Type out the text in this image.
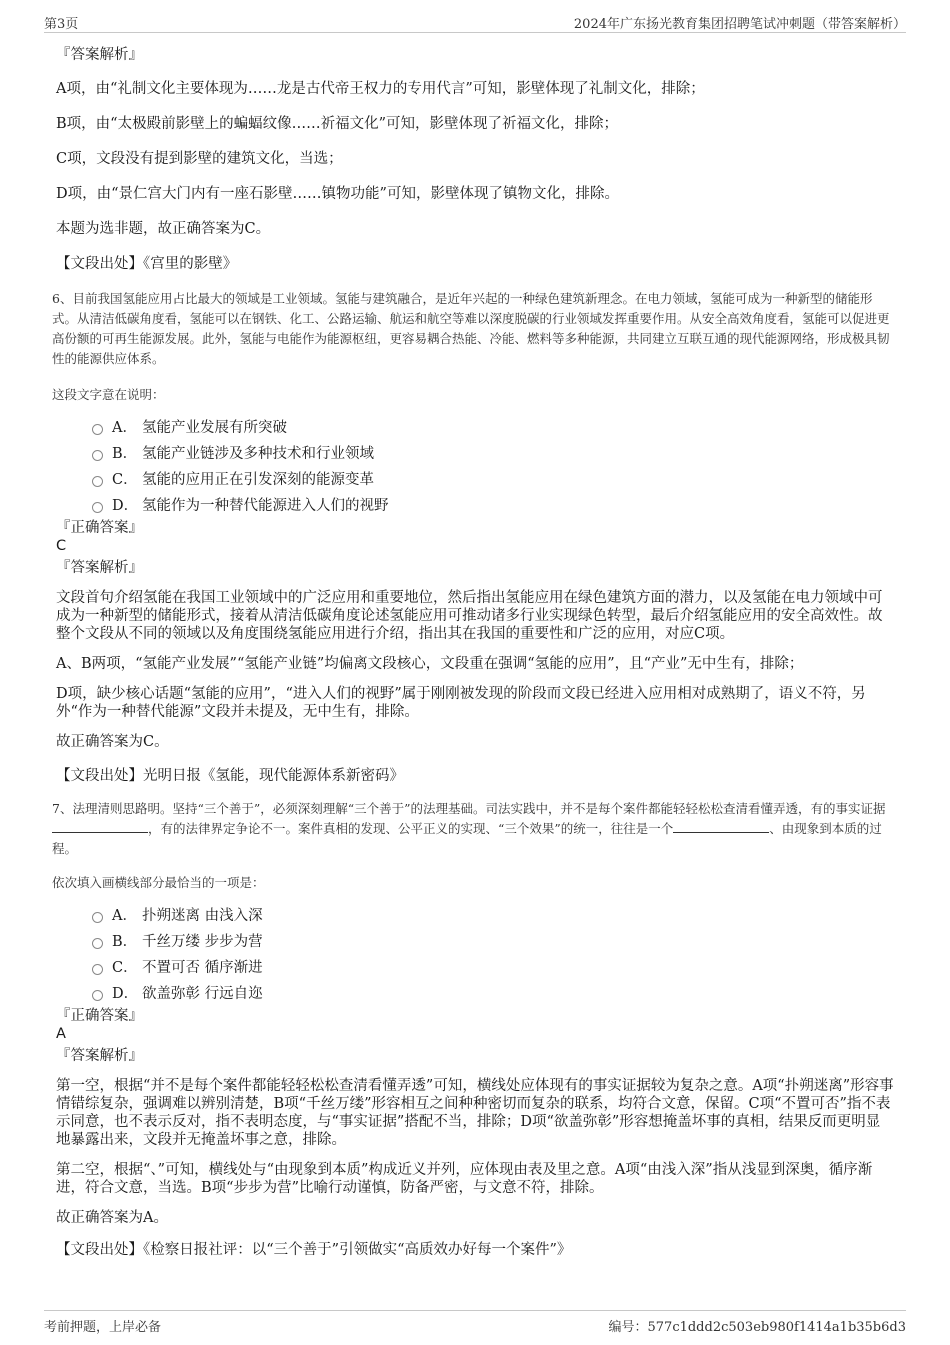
第3页	2024年广东扬光教育集团招聘笔试冲刺题（带答案解析）

『答案解析』

A项，由“礼制文化主要体现为……龙是古代帝王权力的专用代言”可知，影壁体现了礼制文化，排除；

B项，由“太极殿前影壁上的蝙蝠纹像……祈福文化”可知，影壁体现了祈福文化，排除；

C项，文段没有提到影壁的建筑文化，当选；

D项，由“景仁宫大门内有一座石影壁……镇物功能”可知，影壁体现了镇物文化，排除。

本题为选非题，故正确答案为C。

【文段出处】《宫里的影壁》

6、目前我国氢能应用占比最大的领域是工业领域。氢能与建筑融合，是近年兴起的一种绿色建筑新理念。在电力领域，氢能可成为一种新型的储能形式。从清洁低碳角度看，氢能可以在钢铁、化工、公路运输、航运和航空等难以深度脱碳的行业领域发挥重要作用。从安全高效角度看，氢能可以促进更高份额的可再生能源发展。此外，氢能与电能作为能源枢纽，更容易耦合热能、冷能、燃料等多种能源，共同建立互联互通的现代能源网络，形成极具韧性的能源供应体系。

这段文字意在说明：

A． 氢能产业发展有所突破
B． 氢能产业链涉及多种技术和行业领域
C． 氢能的应用正在引发深刻的能源变革
D． 氢能作为一种替代能源进入人们的视野

『正确答案』

C

『答案解析』

文段首句介绍氢能在我国工业领域中的广泛应用和重要地位，然后指出氢能应用在绿色建筑方面的潜力，以及氢能在电力领域中可成为一种新型的储能形式，接着从清洁低碳角度论述氢能应用可推动诸多行业实现绿色转型，最后介绍氢能应用的安全高效性。故整个文段从不同的领域以及角度围绕氢能应用进行介绍，指出其在我国的重要性和广泛的应用，对应C项。

A、B两项，“氢能产业发展”“氢能产业链”均偏离文段核心，文段重在强调“氢能的应用”，且“产业”无中生有，排除；

D项，缺少核心话题“氢能的应用”，“进入人们的视野”属于刚刚被发现的阶段而文段已经进入应用相对成熟期了，语义不符，另外“作为一种替代能源”文段并未提及，无中生有，排除。

故正确答案为C。

【文段出处】光明日报《氢能，现代能源体系新密码》

7、法理清则思路明。坚持“三个善于”，必须深刻理解“三个善于”的法理基础。司法实践中，并不是每个案件都能轻轻松松查清看懂弄透，有的事实证据，有的法律界定争论不一。案件真相的发现、公平正义的实现、“三个效果”的统一，往往是一个	、由现象到本质的过程。

依次填入画横线部分最恰当的一项是：

A． 扑朔迷离 由浅入深
B． 千丝万缕 步步为营
C． 不置可否 循序渐进
D． 欲盖弥彰 行远自迩

『正确答案』

A

『答案解析』

第一空，根据“并不是每个案件都能轻轻松松查清看懂弄透”可知，横线处应体现有的事实证据较为复杂之意。A项“扑朔迷离”形容事情错综复杂，强调难以辨别清楚，B项“千丝万缕”形容相互之间种种密切而复杂的联系，均符合文意，保留。C项“不置可否”指不表示同意，也不表示反对，指不表明态度，与“事实证据”搭配不当，排除；D项“欲盖弥彰”形容想掩盖坏事的真相，结果反而更明显地暴露出来，文段并无掩盖坏事之意，排除。

第二空，根据“、”可知，横线处与“由现象到本质”构成近义并列，应体现由表及里之意。A项“由浅入深”指从浅显到深奥，循序渐进，符合文意，当选。B项“步步为营”比喻行动谨慎，防备严密，与文意不符，排除。

故正确答案为A。

【文段出处】《检察日报社评：以“三个善于”引领做实“高质效办好每一个案件”》

考前押题，上岸必备	编号：577c1ddd2c503eb980f1414a1b35b6d3
